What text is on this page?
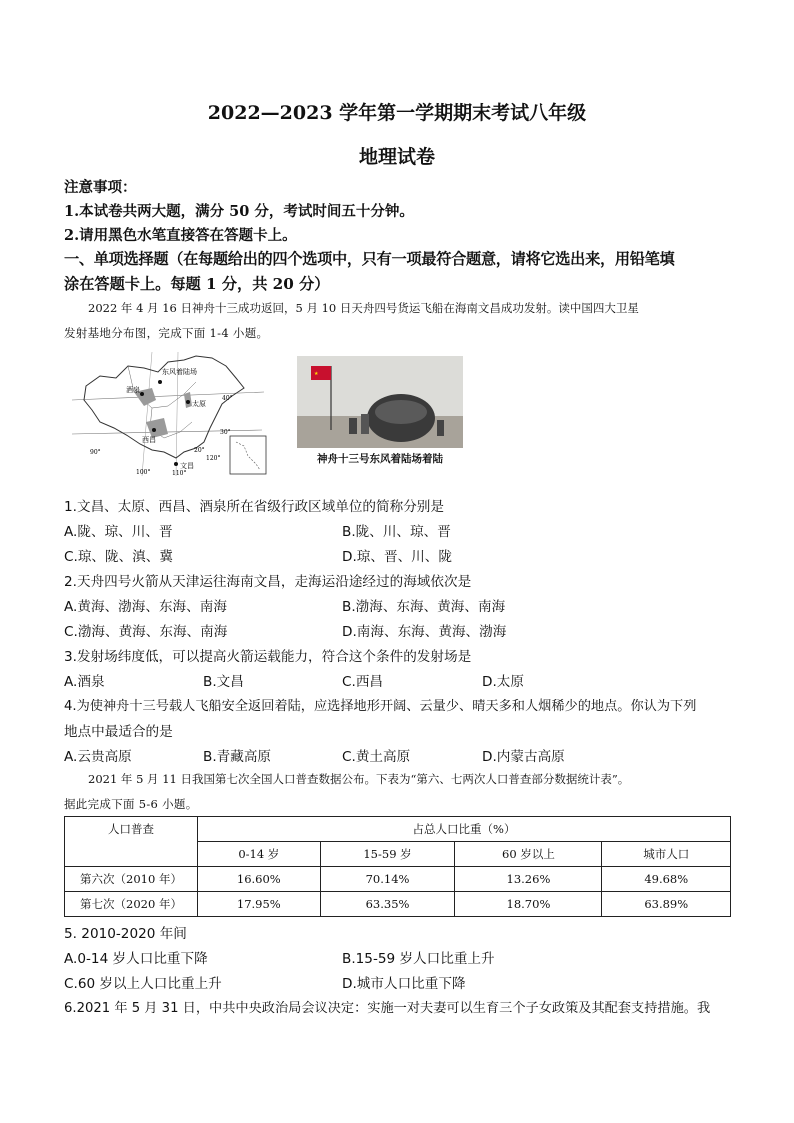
2022—2023 学年第一学期期末考试八年级
地理试卷
注意事项：
1.本试卷共两大题，满分 50 分，考试时间五十分钟。
2.请用黑色水笔直接答在答题卡上。
一、单项选择题（在每题给出的四个选项中，只有一项最符合题意，请将它选出来，用铅笔填
涂在答题卡上。每题 1 分，共 20 分）
2022 年 4 月 16 日神舟十三成功返回，5 月 10 日天舟四号货运飞船在海南文昌成功发射。读中国四大卫星
发射基地分布图，完成下面 1-4 小题。
东风着陆场
酒泉
太原
西昌
文昌
40°
30°
20°
90°
100°	110°
120°
★
神舟十三号东风着陆场着陆
1.文昌、太原、西昌、酒泉所在省级行政区域单位的简称分别是
A.陇、琼、川、晋	B.陇、川、琼、晋
C.琼、陇、滇、冀	D.琼、晋、川、陇
2.天舟四号火箭从天津运往海南文昌，走海运沿途经过的海域依次是
A.黄海、渤海、东海、南海	B.渤海、东海、黄海、南海
C.渤海、黄海、东海、南海	D.南海、东海、黄海、渤海
3.发射场纬度低，可以提高火箭运载能力，符合这个条件的发射场是
A.酒泉	B.文昌	C.西昌	D.太原
4.为使神舟十三号载人飞船安全返回着陆，应选择地形开阔、云量少、晴天多和人烟稀少的地点。你认为下列
地点中最适合的是
A.云贵高原	B.青藏高原	C.黄土高原	D.内蒙古高原
2021 年 5 月 11 日我国第七次全国人口普查数据公布。下表为“第六、七两次人口普查部分数据统计表”。
据此完成下面 5-6 小题。
人口普查	占总人口比重（%）			
	0-14 岁	15-59 岁	60 岁以上	城市人口
第六次（2010 年）	16.60%	70.14%	13.26%	49.68%
第七次（2020 年）	17.95%	63.35%	18.70%	63.89%
5. 2010-2020 年间
A.0-14 岁人口比重下降	B.15-59 岁人口比重上升
C.60 岁以上人口比重上升	D.城市人口比重下降
6.2021 年 5 月 31 日，中共中央政治局会议决定：实施一对夫妻可以生育三个子女政策及其配套支持措施。我
